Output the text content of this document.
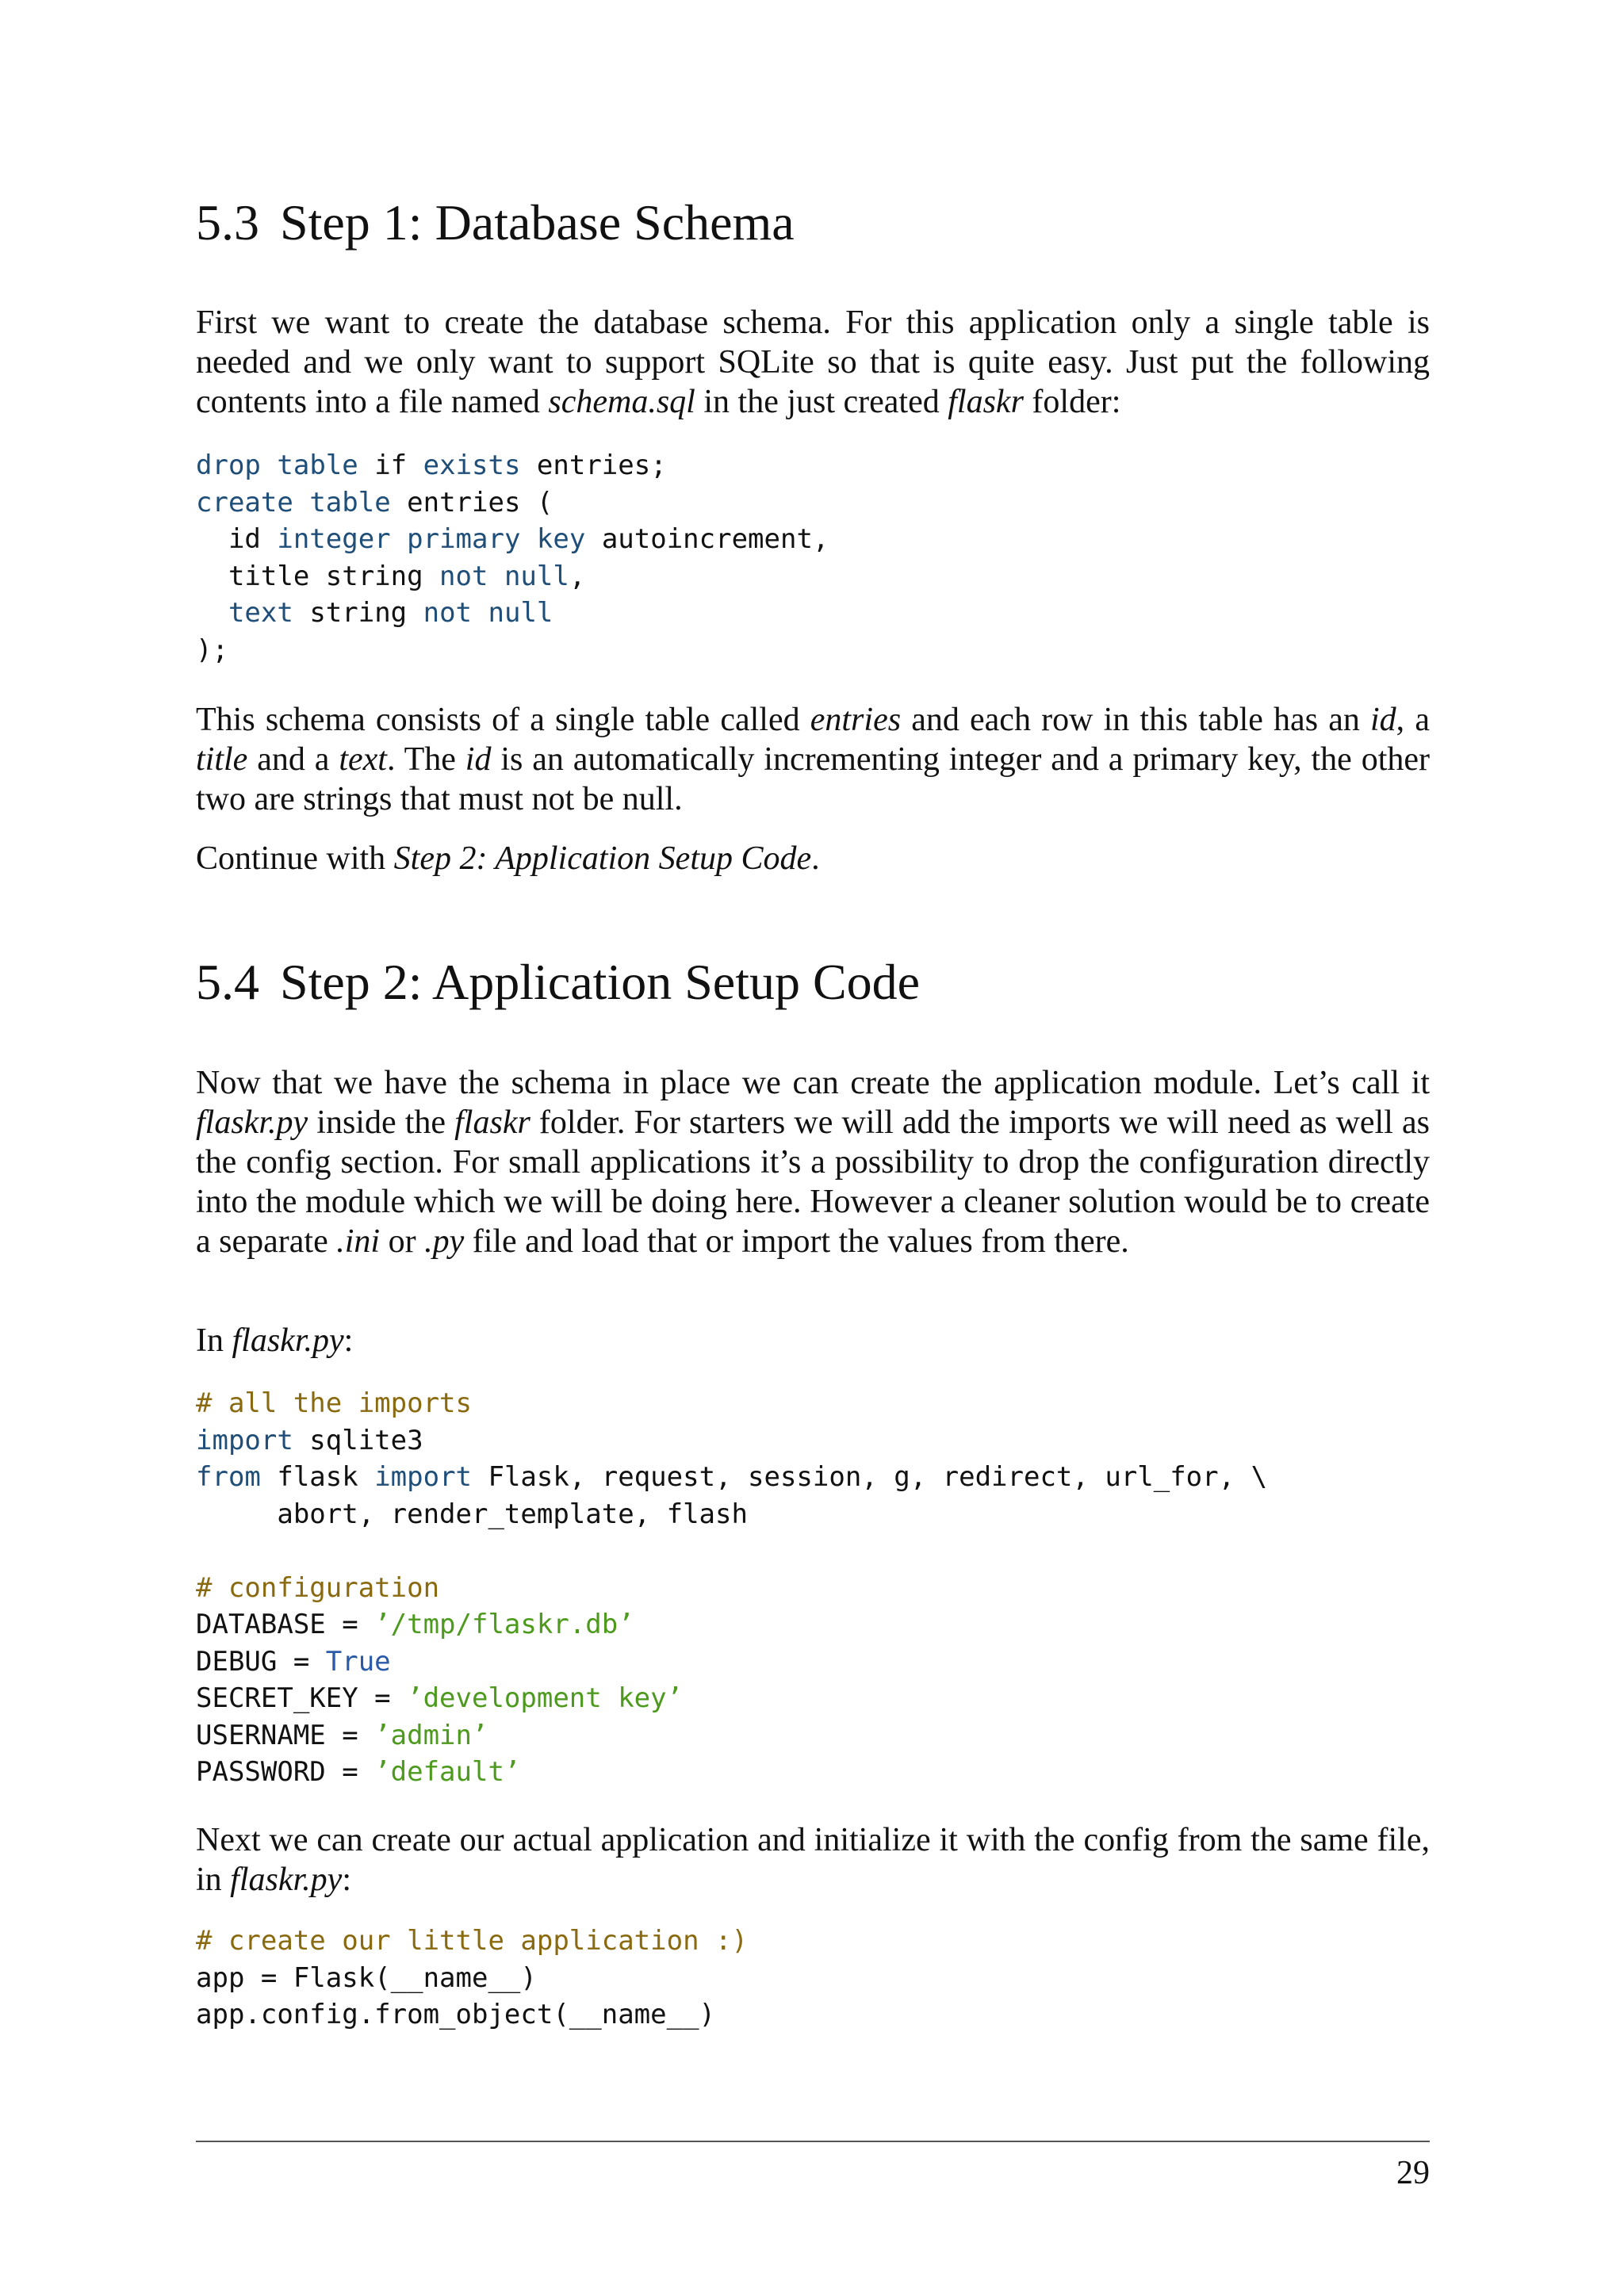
5.3 Step 1: Database Schema

First we want to create the database schema. For this application only a single table is needed and we only want to support SQLite so that is quite easy. Just put the following contents into a file named schema.sql in the just created flaskr folder:

drop table if exists entries;
create table entries (
id integer primary key autoincrement,
title string not null,
text string not null
);

This schema consists of a single table called entries and each row in this table has an id, a title and a text. The id is an automatically incrementing integer and a primary key, the other two are strings that must not be null.

Continue with Step 2: Application Setup Code.

5.4 Step 2: Application Setup Code

Now that we have the schema in place we can create the application module. Let’s call it flaskr.py inside the flaskr folder. For starters we will add the imports we will need as well as the config section. For small applications it’s a possibility to drop the configuration directly into the module which we will be doing here. However a cleaner solution would be to create a separate .ini or .py file and load that or import the values from there.

In flaskr.py:

# all the imports
import sqlite3
from flask import Flask, request, session, g, redirect, url_for, \
abort, render_template, flash

# configuration
DATABASE = ’/tmp/flaskr.db’
DEBUG = True
SECRET_KEY = ’development key’
USERNAME = ’admin’
PASSWORD = ’default’

Next we can create our actual application and initialize it with the config from the same file, in flaskr.py:

# create our little application :)
app = Flask(__name__)
app.config.from_object(__name__)
29
